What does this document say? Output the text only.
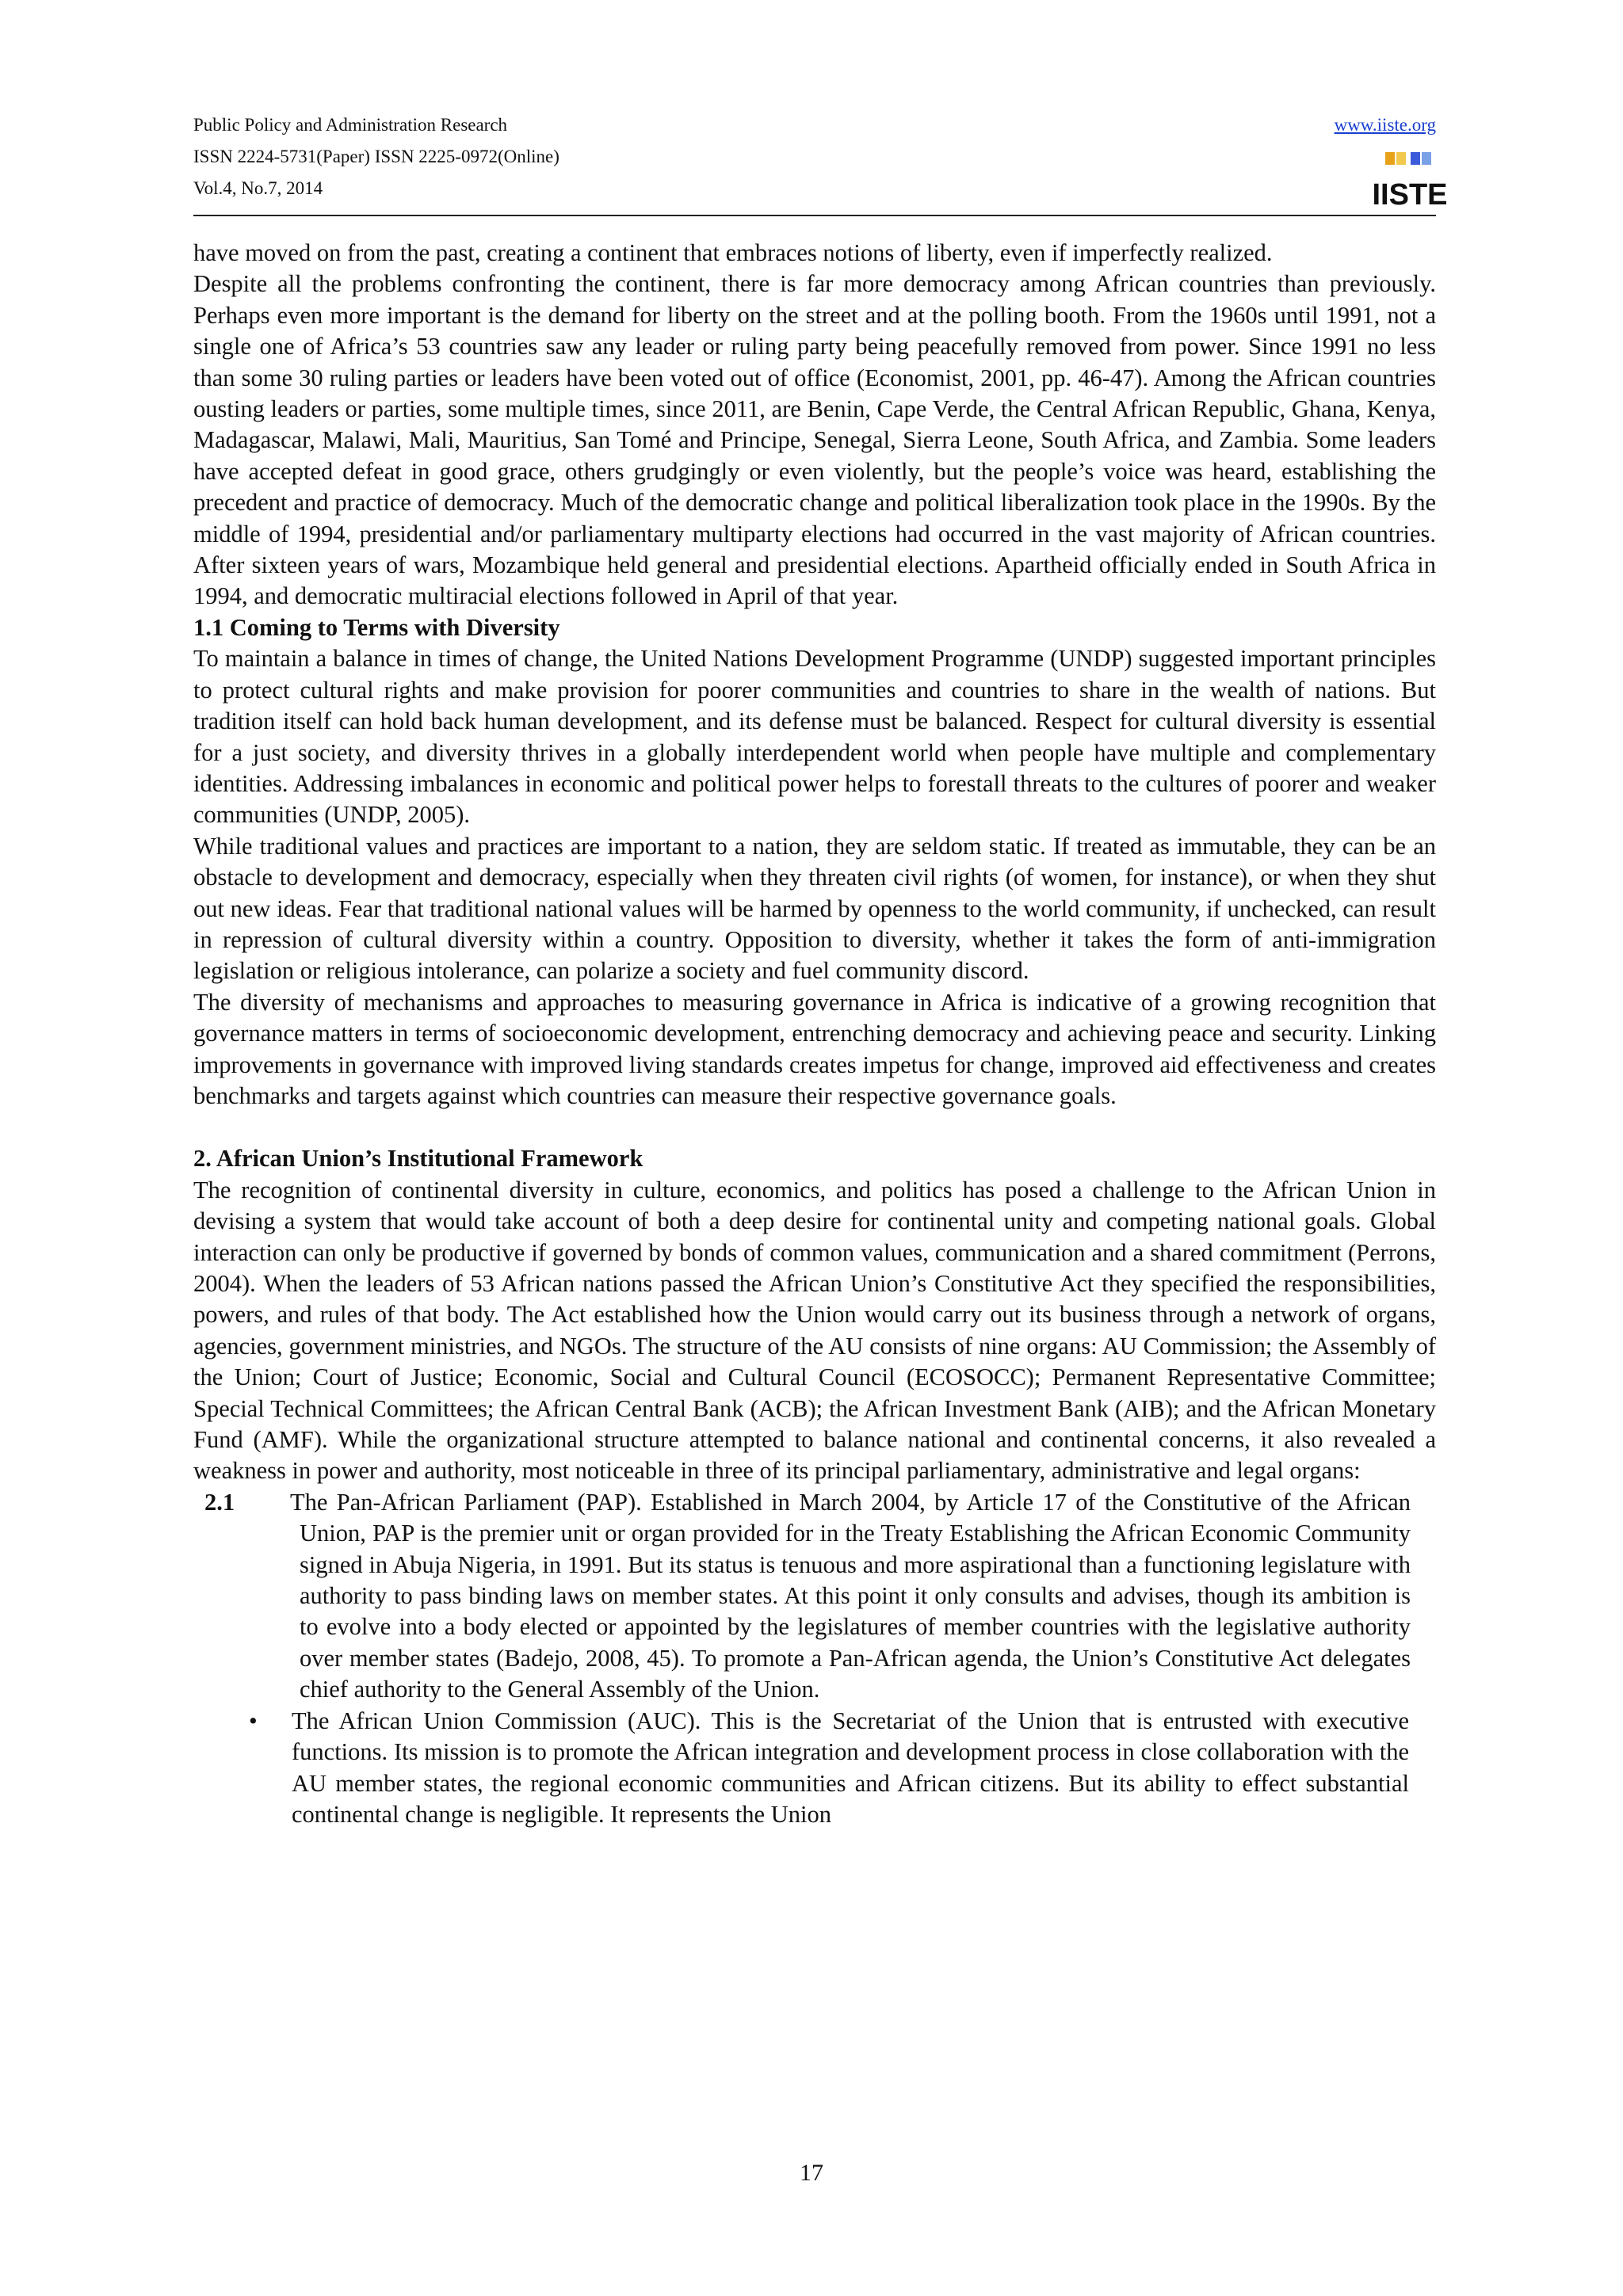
Public Policy and Administration Research
ISSN 2224-5731(Paper) ISSN 2225-0972(Online)
Vol.4, No.7, 2014
www.iiste.org
IISTE

have moved on from the past, creating a continent that embraces notions of liberty, even if imperfectly realized.

Despite all the problems confronting the continent, there is far more democracy among African countries than previously. Perhaps even more important is the demand for liberty on the street and at the polling booth. From the 1960s until 1991, not a single one of Africa’s 53 countries saw any leader or ruling party being peacefully removed from power. Since 1991 no less than some 30 ruling parties or leaders have been voted out of office (Economist, 2001, pp. 46-47). Among the African countries ousting leaders or parties, some multiple times, since 2011, are Benin, Cape Verde, the Central African Republic, Ghana, Kenya, Madagascar, Malawi, Mali, Mauritius, San Tomé and Principe, Senegal, Sierra Leone, South Africa, and Zambia. Some leaders have accepted defeat in good grace, others grudgingly or even violently, but the people’s voice was heard, establishing the precedent and practice of democracy. Much of the democratic change and political liberalization took place in the 1990s. By the middle of 1994, presidential and/or parliamentary multiparty elections had occurred in the vast majority of African countries. After sixteen years of wars, Mozambique held general and presidential elections. Apartheid officially ended in South Africa in 1994, and democratic multiracial elections followed in April of that year.

1.1 Coming to Terms with Diversity

To maintain a balance in times of change, the United Nations Development Programme (UNDP) suggested important principles to protect cultural rights and make provision for poorer communities and countries to share in the wealth of nations. But tradition itself can hold back human development, and its defense must be balanced. Respect for cultural diversity is essential for a just society, and diversity thrives in a globally interdependent world when people have multiple and complementary identities. Addressing imbalances in economic and political power helps to forestall threats to the cultures of poorer and weaker communities (UNDP, 2005).

While traditional values and practices are important to a nation, they are seldom static. If treated as immutable, they can be an obstacle to development and democracy, especially when they threaten civil rights (of women, for instance), or when they shut out new ideas. Fear that traditional national values will be harmed by openness to the world community, if unchecked, can result in repression of cultural diversity within a country. Opposition to diversity, whether it takes the form of anti-immigration legislation or religious intolerance, can polarize a society and fuel community discord.

The diversity of mechanisms and approaches to measuring governance in Africa is indicative of a growing recognition that governance matters in terms of socioeconomic development, entrenching democracy and achieving peace and security. Linking improvements in governance with improved living standards creates impetus for change, improved aid effectiveness and creates benchmarks and targets against which countries can measure their respective governance goals.

2. African Union’s Institutional Framework

The recognition of continental diversity in culture, economics, and politics has posed a challenge to the African Union in devising a system that would take account of both a deep desire for continental unity and competing national goals. Global interaction can only be productive if governed by bonds of common values, communication and a shared commitment (Perrons, 2004). When the leaders of 53 African nations passed the African Union’s Constitutive Act they specified the responsibilities, powers, and rules of that body. The Act established how the Union would carry out its business through a network of organs, agencies, government ministries, and NGOs. The structure of the AU consists of nine organs: AU Commission; the Assembly of the Union; Court of Justice; Economic, Social and Cultural Council (ECOSOCC); Permanent Representative Committee; Special Technical Committees; the African Central Bank (ACB); the African Investment Bank (AIB); and the African Monetary Fund (AMF). While the organizational structure attempted to balance national and continental concerns, it also revealed a weakness in power and authority, most noticeable in three of its principal parliamentary, administrative and legal organs:

2.1 The Pan-African Parliament (PAP). Established in March 2004, by Article 17 of the Constitutive of the African Union, PAP is the premier unit or organ provided for in the Treaty Establishing the African Economic Community signed in Abuja Nigeria, in 1991. But its status is tenuous and more aspirational than a functioning legislature with authority to pass binding laws on member states. At this point it only consults and advises, though its ambition is to evolve into a body elected or appointed by the legislatures of member countries with the legislative authority over member states (Badejo, 2008, 45). To promote a Pan-African agenda, the Union’s Constitutive Act delegates chief authority to the General Assembly of the Union.
• The African Union Commission (AUC). This is the Secretariat of the Union that is entrusted with executive functions. Its mission is to promote the African integration and development process in close collaboration with the AU member states, the regional economic communities and African citizens. But its ability to effect substantial continental change is negligible. It represents the Union
17
